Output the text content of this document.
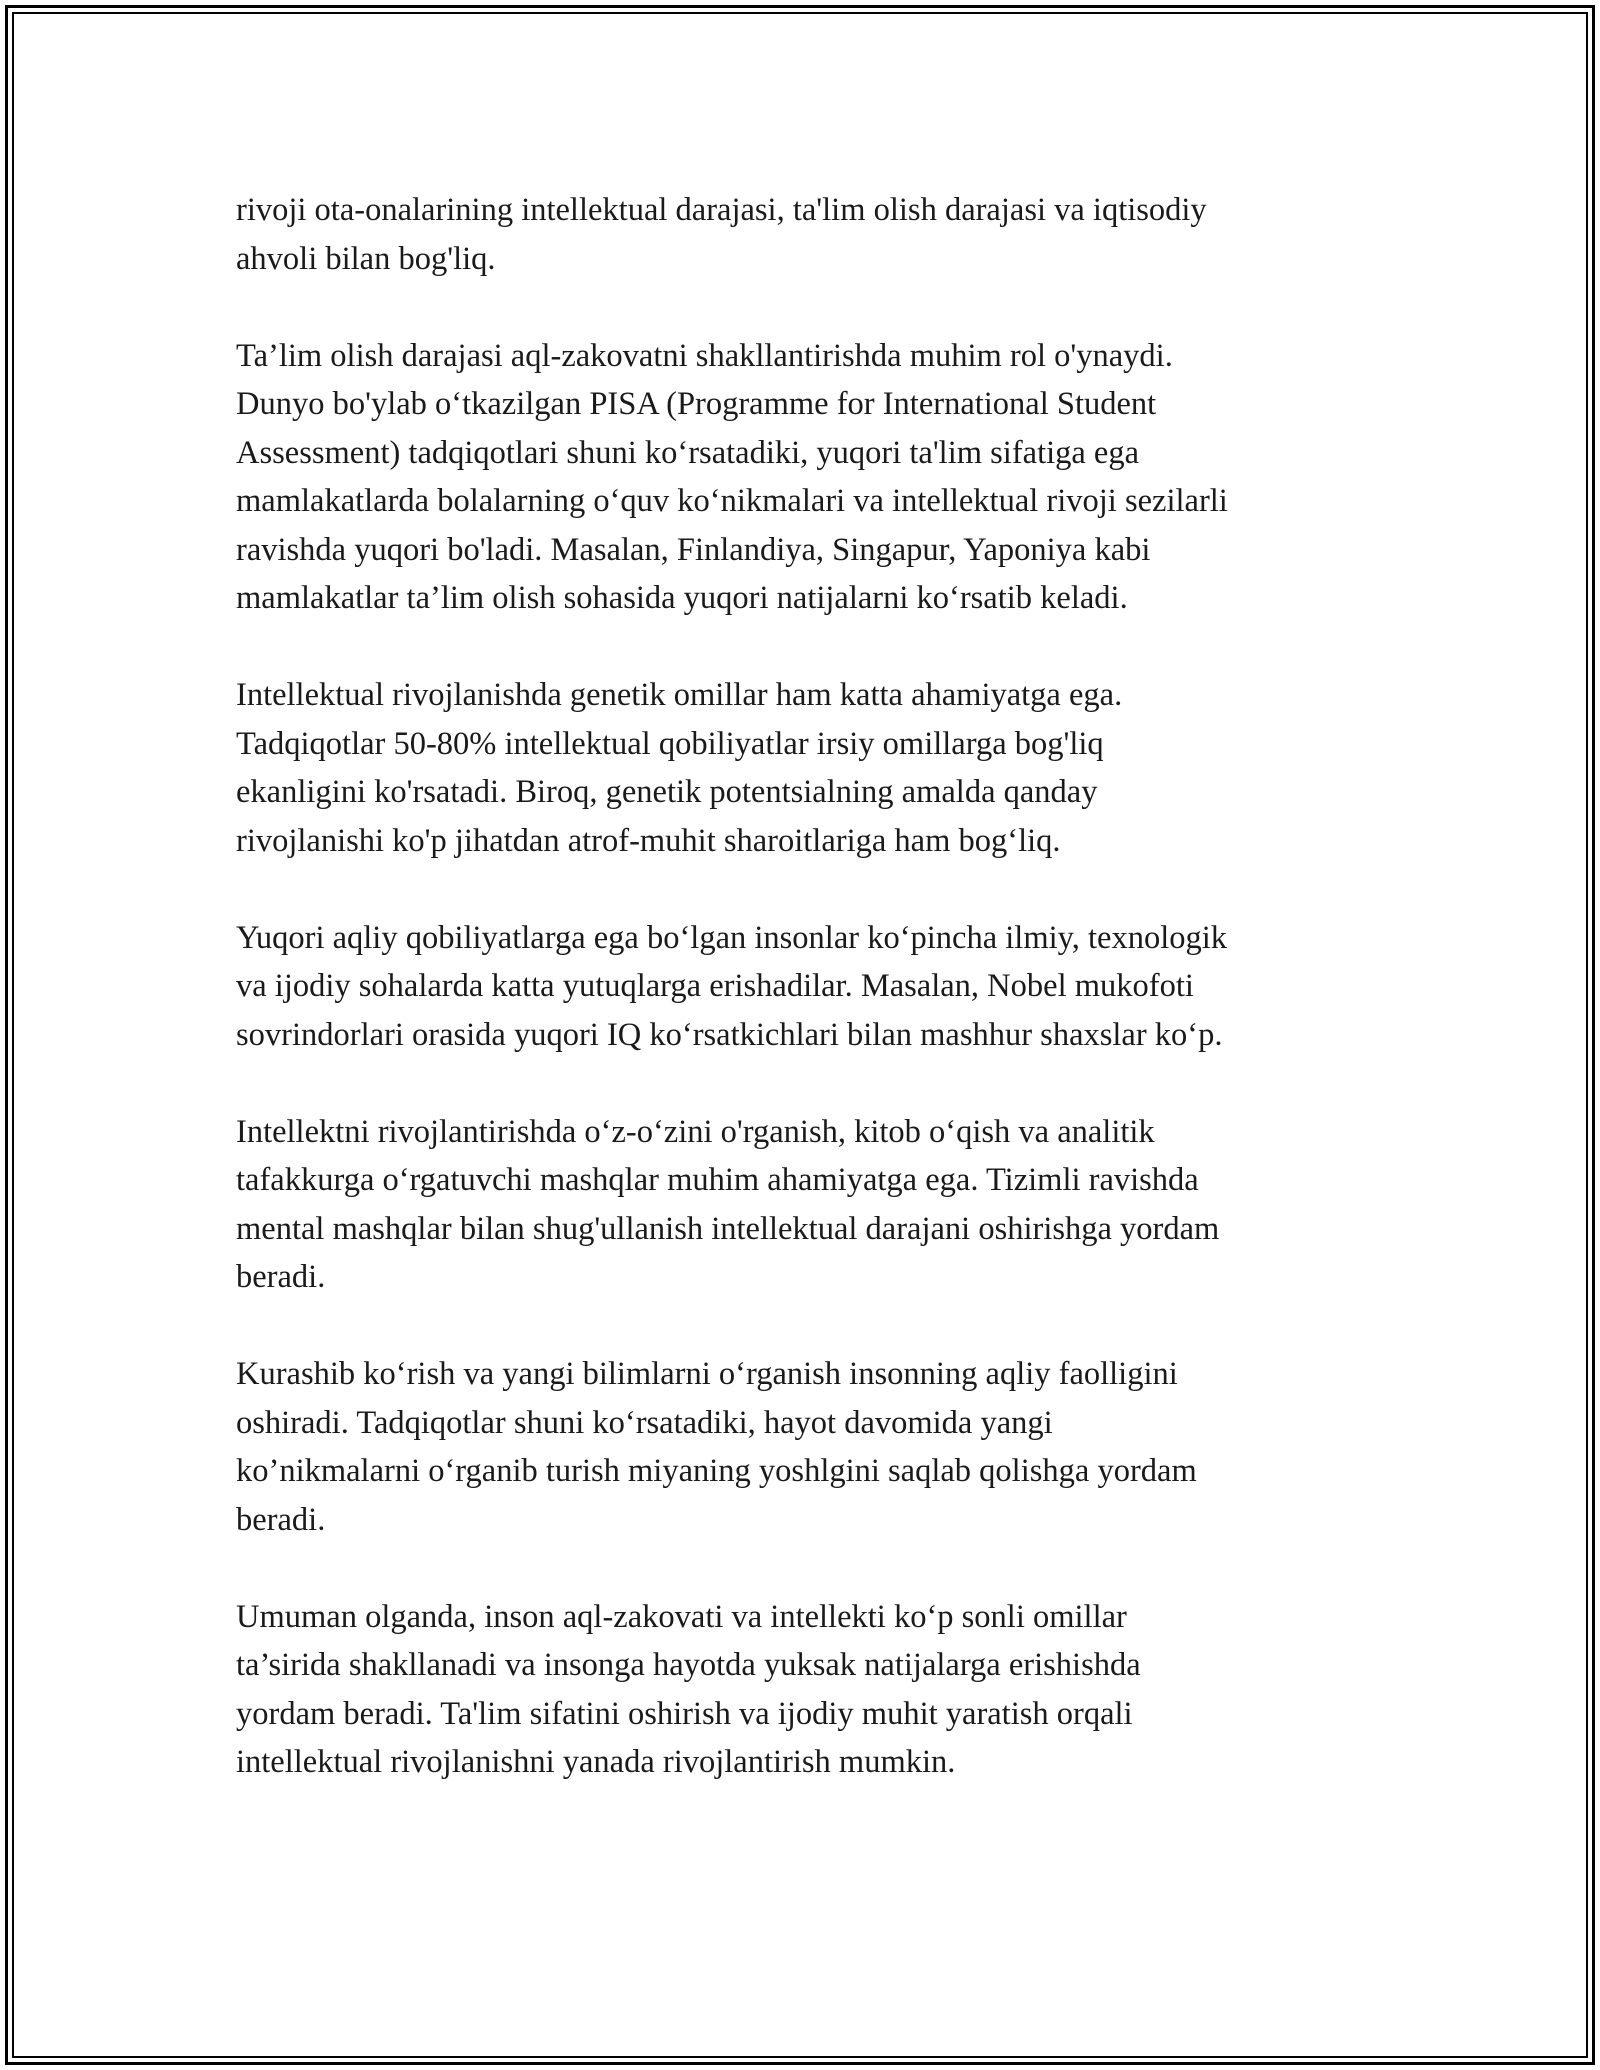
rivoji ota-onalarining intellektual darajasi, ta'lim olish darajasi va iqtisodiy
ahvoli bilan bog'liq.

Ta’lim olish darajasi aql-zakovatni shakllantirishda muhim rol o'ynaydi.
Dunyo bo'ylab o‘tkazilgan PISA (Programme for International Student
Assessment) tadqiqotlari shuni ko‘rsatadiki, yuqori ta'lim sifatiga ega
mamlakatlarda bolalarning o‘quv ko‘nikmalari va intellektual rivoji sezilarli
ravishda yuqori bo'ladi. Masalan, Finlandiya, Singapur, Yaponiya kabi
mamlakatlar ta’lim olish sohasida yuqori natijalarni ko‘rsatib keladi.

Intellektual rivojlanishda genetik omillar ham katta ahamiyatga ega.
Tadqiqotlar 50-80% intellektual qobiliyatlar irsiy omillarga bog'liq
ekanligini ko'rsatadi. Biroq, genetik potentsialning amalda qanday
rivojlanishi ko'p jihatdan atrof-muhit sharoitlariga ham bog‘liq.

Yuqori aqliy qobiliyatlarga ega bo‘lgan insonlar ko‘pincha ilmiy, texnologik
va ijodiy sohalarda katta yutuqlarga erishadilar. Masalan, Nobel mukofoti
sovrindorlari orasida yuqori IQ ko‘rsatkichlari bilan mashhur shaxslar ko‘p.

Intellektni rivojlantirishda o‘z-o‘zini o'rganish, kitob o‘qish va analitik
tafakkurga o‘rgatuvchi mashqlar muhim ahamiyatga ega. Tizimli ravishda
mental mashqlar bilan shug'ullanish intellektual darajani oshirishga yordam
beradi.

Kurashib ko‘rish va yangi bilimlarni o‘rganish insonning aqliy faolligini
oshiradi. Tadqiqotlar shuni ko‘rsatadiki, hayot davomida yangi
ko’nikmalarni o‘rganib turish miyaning yoshlgini saqlab qolishga yordam
beradi.

Umuman olganda, inson aql-zakovati va intellekti ko‘p sonli omillar
ta’sirida shakllanadi va insonga hayotda yuksak natijalarga erishishda
yordam beradi. Ta'lim sifatini oshirish va ijodiy muhit yaratish orqali
intellektual rivojlanishni yanada rivojlantirish mumkin.
